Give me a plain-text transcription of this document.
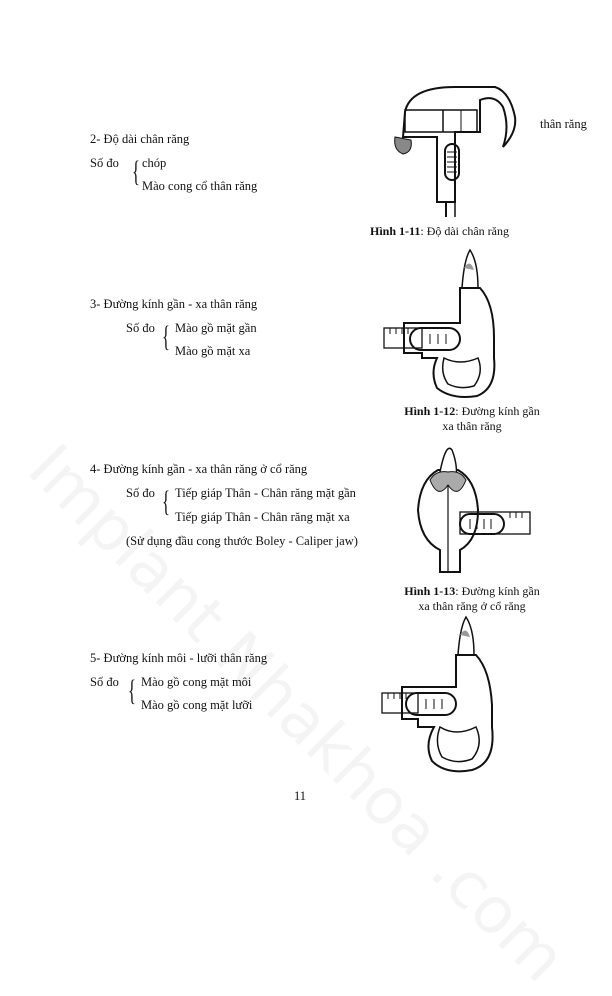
2- Độ dài chân răng
Số đo { chóp
Mào cong cổ thân răng
thân răng
Hình 1-11: Độ dài chân răng
3- Đường kính gần - xa thân răng
Số đo { Mào gồ mặt gần
Mào gồ mặt xa
Hình 1-12: Đường kính gần
xa thân răng
4- Đường kính gần - xa thân răng ở cổ răng
Số đo { Tiếp giáp Thân - Chân răng mặt gần
Tiếp giáp Thân - Chân răng mặt xa
(Sử dụng đầu cong thước Boley - Caliper jaw)
Hình 1-13: Đường kính gần
xa thân răng ở cổ răng
5- Đường kính môi - lưỡi thân răng
Số đo { Mào gồ cong mặt môi
Mào gồ cong mặt lưỡi
11
